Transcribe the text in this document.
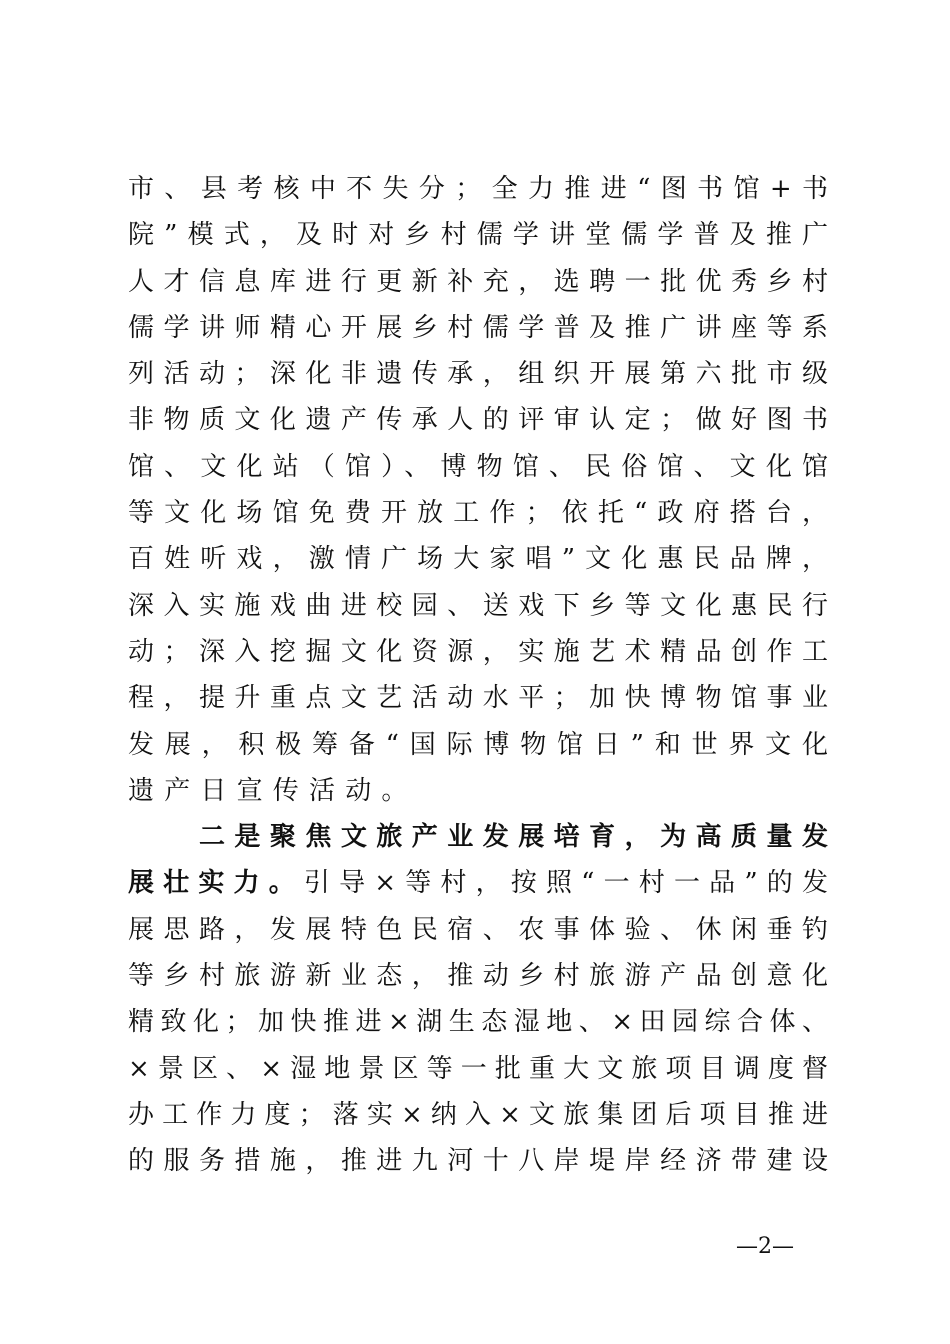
市、县考核中不失分；全力推进“图书馆+书
院”模式，及时对乡村儒学讲堂儒学普及推广
人才信息库进行更新补充，选聘一批优秀乡村
儒学讲师精心开展乡村儒学普及推广讲座等系
列活动；深化非遗传承，组织开展第六批市级
非物质文化遗产传承人的评审认定；做好图书
馆、文化站（馆）、博物馆、民俗馆、文化馆
等文化场馆免费开放工作；依托“政府搭台，
百姓听戏，激情广场大家唱”文化惠民品牌，
深入实施戏曲进校园、送戏下乡等文化惠民行
动；深入挖掘文化资源，实施艺术精品创作工
程，提升重点文艺活动水平；加快博物馆事业
发展，积极筹备“国际博物馆日”和世界文化
遗产日宣传活动。
　　二是聚焦文旅产业发展培育，为高质量发
展壮实力。引导×等村，按照“一村一品”的发
展思路，发展特色民宿、农事体验、休闲垂钓
等乡村旅游新业态，推动乡村旅游产品创意化
精致化；加快推进×湖生态湿地、×田园综合体、
×景区、×湿地景区等一批重大文旅项目调度督
办工作力度；落实×纳入×文旅集团后项目推进
的服务措施，推进九河十八岸堤岸经济带建设
—2—
